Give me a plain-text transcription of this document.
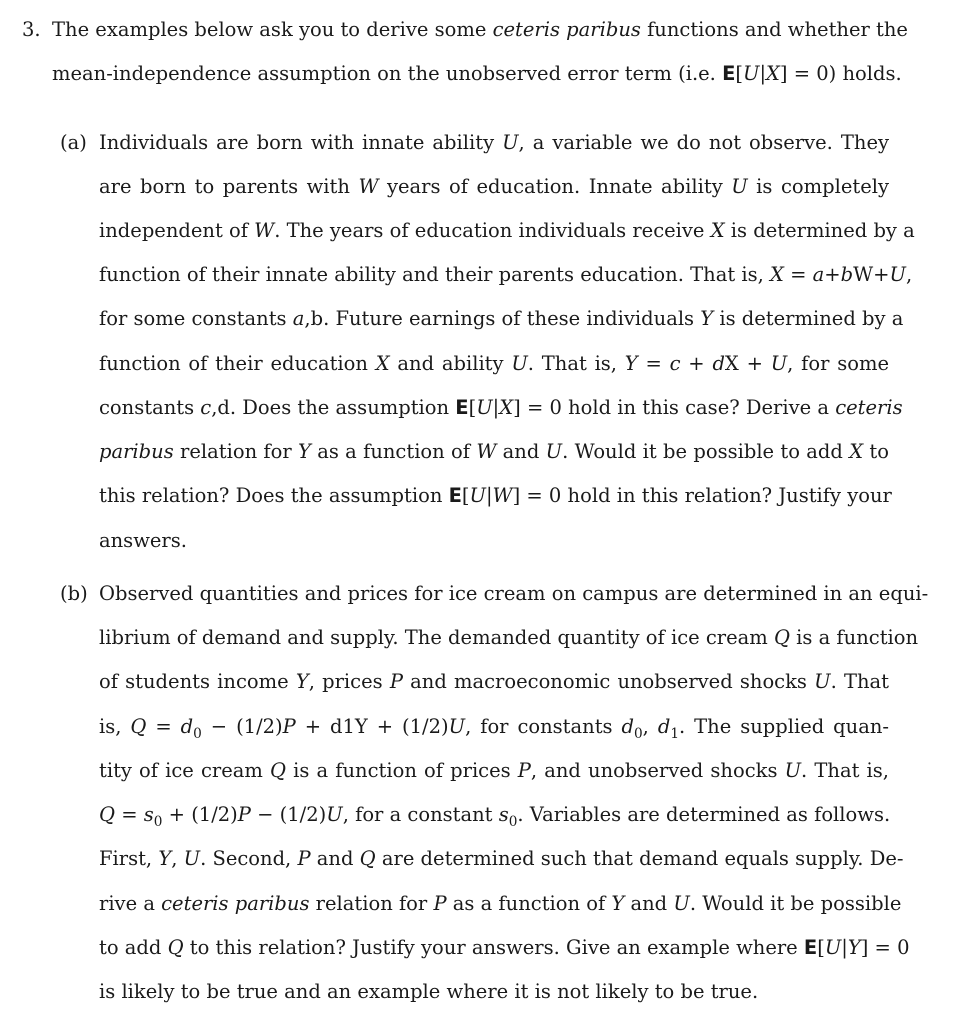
3. The examples below ask you to derive some ceteris paribus functions and whether the
mean-independence assumption on the unobserved error term (i.e. E[U|X] = 0) holds.
(a) Individuals are born with innate ability U, a variable we do not observe. They
are born to parents with W years of education. Innate ability U is completely
independent of W. The years of education individuals receive X is determined by a
function of their innate ability and their parents education. That is, X = a+bW+U,
for some constants a,b. Future earnings of these individuals Y is determined by a
function of their education X and ability U. That is, Y = c + dX + U, for some
constants c,d. Does the assumption E[U|X] = 0 hold in this case? Derive a ceteris
paribus relation for Y as a function of W and U. Would it be possible to add X to
this relation? Does the assumption E[U|W] = 0 hold in this relation? Justify your
answers.
(b) Observed quantities and prices for ice cream on campus are determined in an equi-
librium of demand and supply. The demanded quantity of ice cream Q is a function
of students income Y, prices P and macroeconomic unobserved shocks U. That
is, $Q = d_0 - (1/2)P + d1Y + (1/2)U$, for constants $d_0$, $d_1$. The supplied quan-
tity of ice cream Q is a function of prices P, and unobserved shocks U. That is,
$Q = s_0 + (1/2)P - (1/2)U$, for a constant $s_0$. Variables are determined as follows.
First, Y, U. Second, P and Q are determined such that demand equals supply. De-
rive a ceteris paribus relation for P as a function of Y and U. Would it be possible
to add Q to this relation? Justify your answers. Give an example where E[U|Y] = 0
is likely to be true and an example where it is not likely to be true.
